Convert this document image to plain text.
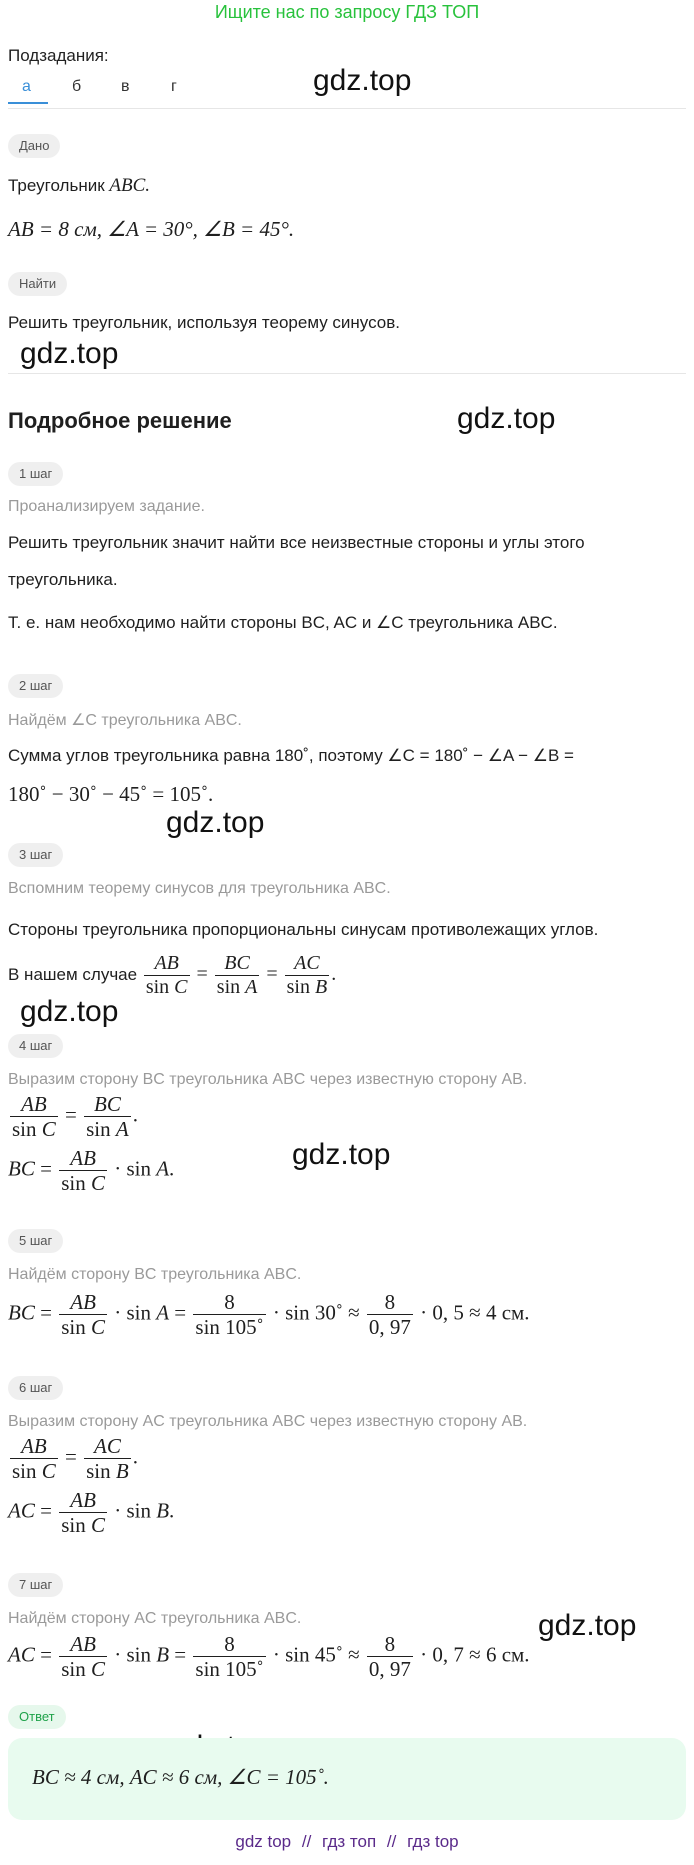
Ищите нас по запросу ГДЗ ТОП
Подзадания:
а	б в	г	gdz.top
gdz.top
gdz.top
gdz.top
gdz.top
gdz.top
gdz.top
Дано
Треугольник ABC.
AB = 8 см, ∠A = 30°, ∠B = 45°.
Найти
Решить треугольник, используя теорему синусов.
Подробное решение
1 шаг
Проанализируем задание.
Решить треугольник значит найти все неизвестные стороны и углы этого
треугольника.
Т. е. нам необходимо найти стороны BC, AC и ∠C треугольника ABC.
2 шаг
Найдём ∠C треугольника ABC.
Сумма углов треугольника равна 180˚, поэтому ∠C = 180˚ − ∠A − ∠B =
180˚ − 30˚ − 45˚ = 105˚.
3 шаг
Вспомним теорему синусов для треугольника ABC.
Стороны треугольника пропорциональны синусам противолежащих углов.
В нашем случае $\frac{AB}{\text{sin C}} = \frac{BC}{\text{sin A}} = \frac{AC}{\text{sin B}}$ .
4 шаг
Выразим сторону BC треугольника ABC через известную сторону AB.
$\frac{AB}{\text{sin C}} = \frac{BC}{\text{sin A}}$ .
BC = $\frac{AB}{\text{sin C}} \cdot \sin A$.
5 шаг
Найдём сторону BC треугольника ABC.
BC = $\frac{AB}{\text{sin C}} \cdot \sin A = \frac{8}{\sin 105˚} \cdot \sin$ 30˚ ≈ $\frac{8}{0, 97} \cdot 0$, 5 ≈ 4 см.
6 шаг
Выразим сторону AC треугольника ABC через известную сторону AB.
$\frac{AB}{\text{sin C}} = \frac{AC}{\text{sin B}}$ .
AC = $\frac{AB}{\text{sin C}} \cdot \sin B$.
7 шаг
Найдём сторону AC треугольника ABC.
AC = $\frac{AB}{\text{sin C}} \cdot \sin B = \frac{8}{\sin 105˚} \cdot \sin$ 45˚ ≈ $\frac{8}{0, 97} \cdot 0$, 7 ≈ 6 см.
Ответ
BC ≈ 4 см, AC ≈ 6 см, ∠C = 105˚.
gdz top // гдз топ // гдз top
